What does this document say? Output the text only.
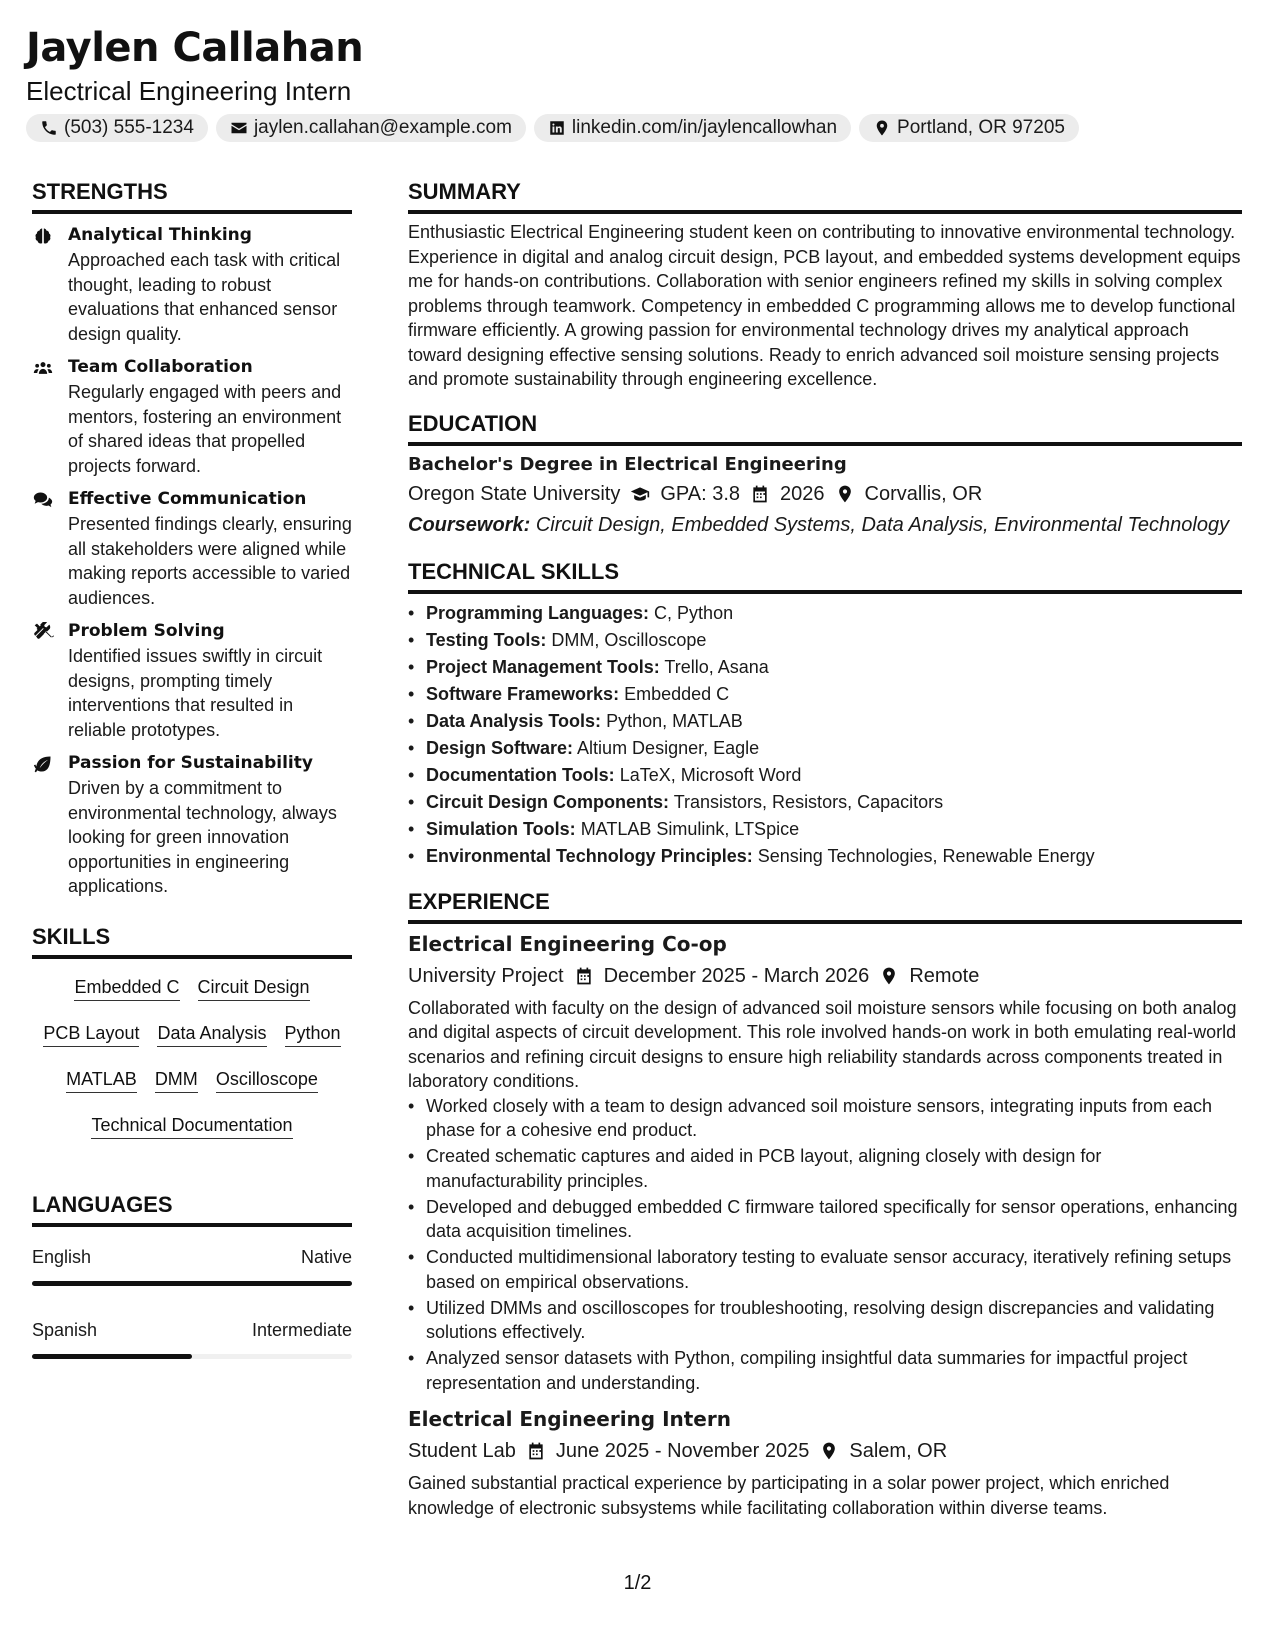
Jaylen Callahan
Electrical Engineering Intern
(503) 555-1234	jaylen.callahan@example.com	linkedin.com/in/jaylencallowhan	Portland, OR 97205
STRENGTHS
Analytical Thinking
Approached each task with critical thought, leading to robust evaluations that enhanced sensor design quality.
Team Collaboration
Regularly engaged with peers and mentors, fostering an environment of shared ideas that propelled projects forward.
Effective Communication
Presented findings clearly, ensuring all stakeholders were aligned while making reports accessible to varied audiences.
Problem Solving
Identified issues swiftly in circuit designs, prompting timely interventions that resulted in reliable prototypes.
Passion for Sustainability
Driven by a commitment to environmental technology, always looking for green innovation opportunities in engineering applications.
SKILLS
Embedded C Circuit Design
PCB Layout Data Analysis Python
MATLAB DMM Oscilloscope
Technical Documentation
LANGUAGES
English	Native
Spanish	Intermediate
SUMMARY

Enthusiastic Electrical Engineering student keen on contributing to innovative environmental technology. Experience in digital and analog circuit design, PCB layout, and embedded systems development equips me for hands-on contributions. Collaboration with senior engineers refined my skills in solving complex problems through teamwork. Competency in embedded C programming allows me to develop functional firmware efficiently. A growing passion for environmental technology drives my analytical approach toward designing effective sensing solutions. Ready to enrich advanced soil moisture sensing projects and promote sustainability through engineering excellence.

EDUCATION
Bachelor's Degree in Electrical Engineering
Oregon State University GPA: 3.8 2026 Corvallis, OR
Coursework: Circuit Design, Embedded Systems, Data Analysis, Environmental Technology
TECHNICAL SKILLS
• Programming Languages: C, Python
• Testing Tools: DMM, Oscilloscope
• Project Management Tools: Trello, Asana
• Software Frameworks: Embedded C
• Data Analysis Tools: Python, MATLAB
• Design Software: Altium Designer, Eagle
• Documentation Tools: LaTeX, Microsoft Word
• Circuit Design Components: Transistors, Resistors, Capacitors
• Simulation Tools: MATLAB Simulink, LTSpice
• Environmental Technology Principles: Sensing Technologies, Renewable Energy
EXPERIENCE
Electrical Engineering Co-op
University Project December 2025 - March 2026 Remote

Collaborated with faculty on the design of advanced soil moisture sensors while focusing on both analog and digital aspects of circuit development. This role involved hands-on work in both emulating real-world scenarios and refining circuit designs to ensure high reliability standards across components treated in laboratory conditions.

• Worked closely with a team to design advanced soil moisture sensors, integrating inputs from each phase for a cohesive end product.
• Created schematic captures and aided in PCB layout, aligning closely with design for manufacturability principles.
• Developed and debugged embedded C firmware tailored specifically for sensor operations, enhancing data acquisition timelines.
• Conducted multidimensional laboratory testing to evaluate sensor accuracy, iteratively refining setups based on empirical observations.
• Utilized DMMs and oscilloscopes for troubleshooting, resolving design discrepancies and validating solutions effectively.
• Analyzed sensor datasets with Python, compiling insightful data summaries for impactful project representation and understanding.
Electrical Engineering Intern
Student Lab June 2025 - November 2025 Salem, OR

Gained substantial practical experience by participating in a solar power project, which enriched knowledge of electronic subsystems while facilitating collaboration within diverse teams.

1/2
